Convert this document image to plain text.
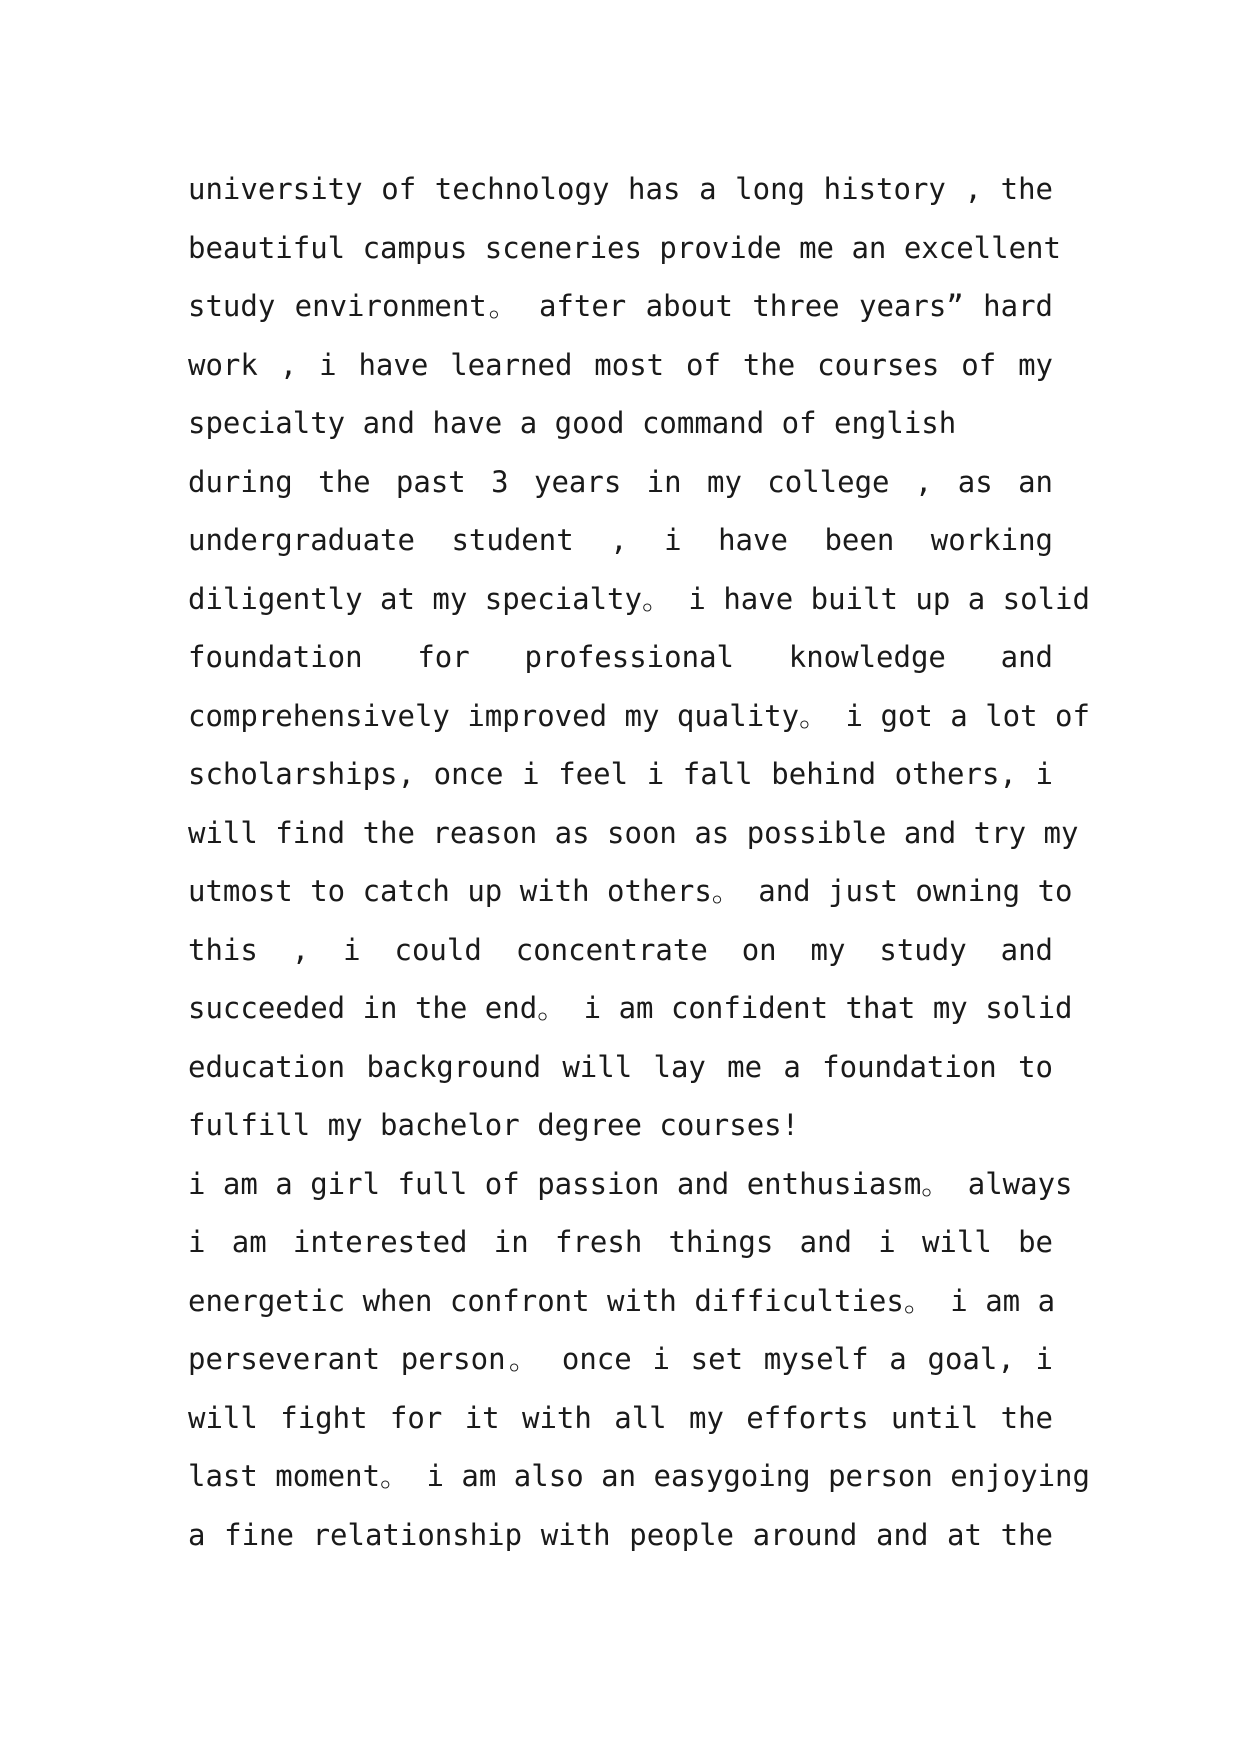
university of technology has a long history , the
beautiful campus sceneries provide me an excellent
study environment。 after about three years” hard
work , i have learned most of the courses of my
specialty and have a good command of english
during the past 3 years in my college , as an
undergraduate student , i have been working
diligently at my specialty。 i have built up a solid
foundation for professional knowledge and
comprehensively improved my quality。 i got a lot of
scholarships, once i feel i fall behind others, i
will find the reason as soon as possible and try my
utmost to catch up with others。 and just owning to
this , i could concentrate on my study and
succeeded in the end。 i am confident that my solid
education background will lay me a foundation to
fulfill my bachelor degree courses!
i am a girl full of passion and enthusiasm。 always
i am interested in fresh things and i will be
energetic when confront with difficulties。 i am a
perseverant person。 once i set myself a goal, i
will fight for it with all my efforts until the
last moment。 i am also an easygoing person enjoying
a fine relationship with people around and at the
